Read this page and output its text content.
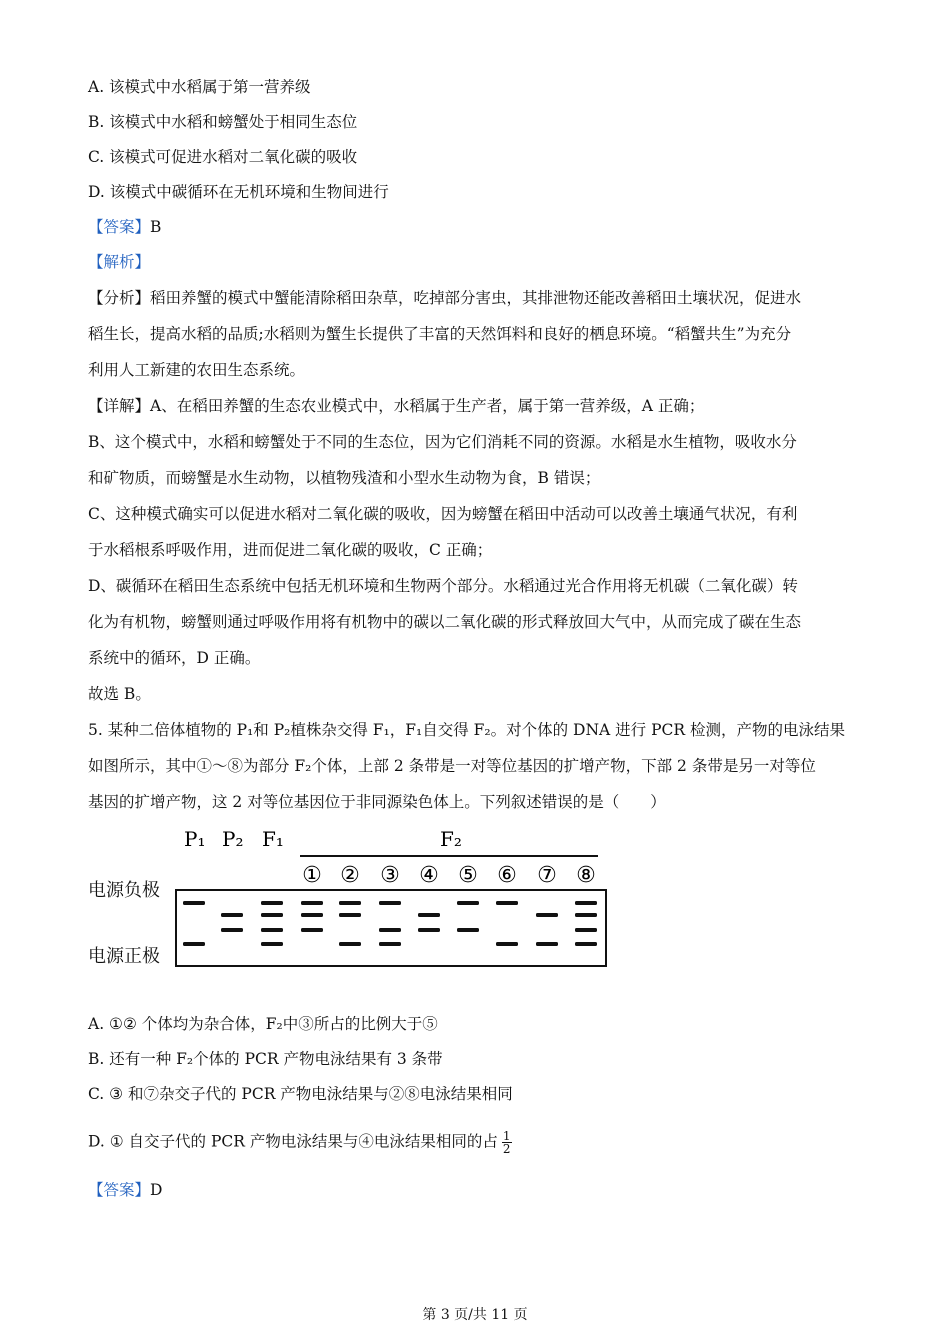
A. 该模式中水稻属于第一营养级
B. 该模式中水稻和螃蟹处于相同生态位
C. 该模式可促进水稻对二氧化碳的吸收
D. 该模式中碳循环在无机环境和生物间进行
【答案】B
【解析】
【分析】稻田养蟹的模式中蟹能清除稻田杂草，吃掉部分害虫，其排泄物还能改善稻田土壤状况，促进水
稻生长，提高水稻的品质;水稻则为蟹生长提供了丰富的天然饵料和良好的栖息环境。“稻蟹共生”为充分
利用人工新建的农田生态系统。
【详解】A、在稻田养蟹的生态农业模式中，水稻属于生产者，属于第一营养级，A 正确；
B、这个模式中，水稻和螃蟹处于不同的生态位，因为它们消耗不同的资源。水稻是水生植物，吸收水分
和矿物质，而螃蟹是水生动物，以植物残渣和小型水生动物为食，B 错误；
C、这种模式确实可以促进水稻对二氧化碳的吸收，因为螃蟹在稻田中活动可以改善土壤通气状况，有利
于水稻根系呼吸作用，进而促进二氧化碳的吸收，C 正确；
D、碳循环在稻田生态系统中包括无机环境和生物两个部分。水稻通过光合作用将无机碳（二氧化碳）转
化为有机物，螃蟹则通过呼吸作用将有机物中的碳以二氧化碳的形式释放回大气中，从而完成了碳在生态
系统中的循环，D 正确。
故选 B。
5. 某种二倍体植物的 P₁和 P₂植株杂交得 F₁，F₁自交得 F₂。对个体的 DNA 进行 PCR 检测，产物的电泳结果
如图所示，其中①～⑧为部分 F₂个体，上部 2 条带是一对等位基因的扩增产物，下部 2 条带是另一对等位
基因的扩增产物，这 2 对等位基因位于非同源染色体上。下列叙述错误的是（　　）
P₁ P₂ F₁	F₂
① ② ③ ④ ⑤ ⑥ ⑦ ⑧
电源负极
电源正极
A. ①② 个体均为杂合体，F₂中③所占的比例大于⑤
B. 还有一种 F₂个体的 PCR 产物电泳结果有 3 条带
C. ③ 和⑦杂交子代的 PCR 产物电泳结果与②⑧电泳结果相同
D. ① 自交子代的 PCR 产物电泳结果与④电泳结果相同的占 $\frac{1}{2}$
【答案】D
第 3 页/共 11 页
